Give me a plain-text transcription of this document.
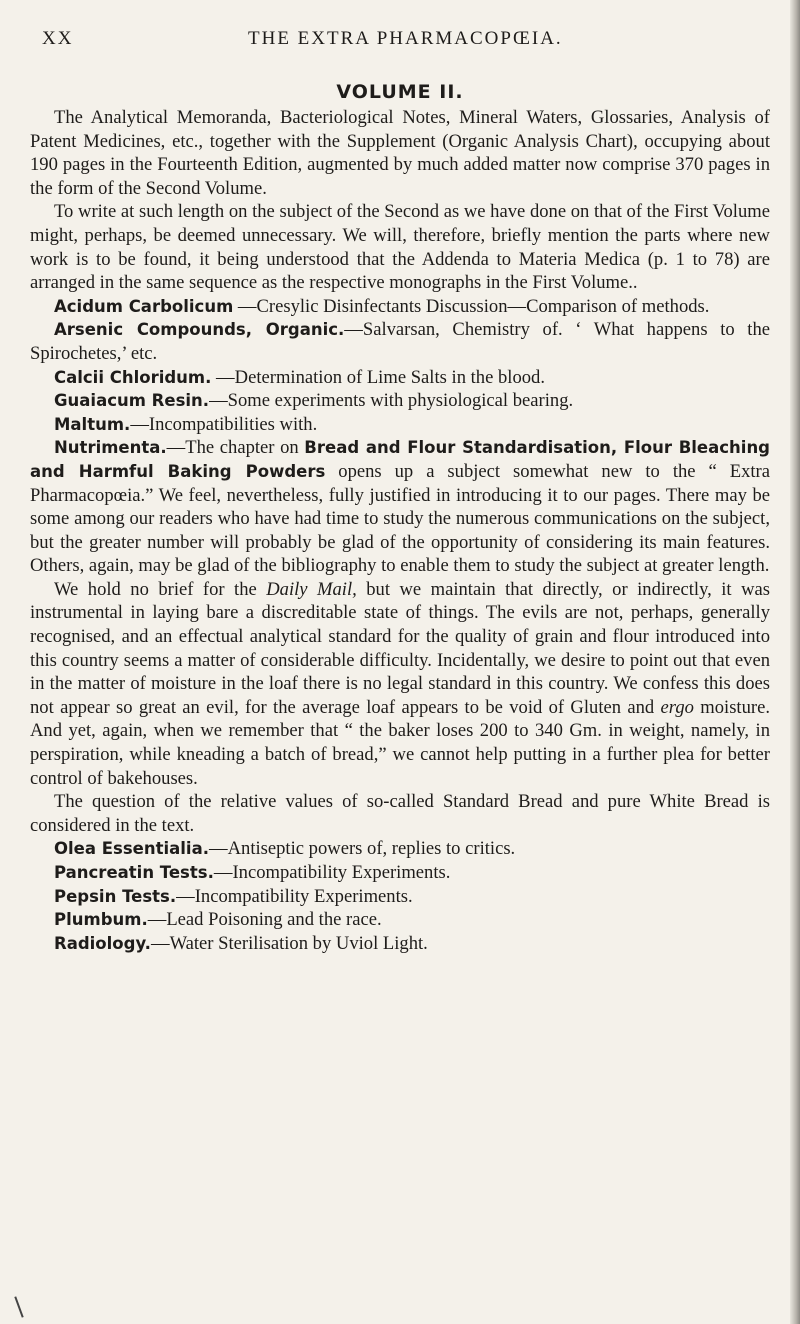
XX	THE EXTRA PHARMACOPŒIA.
VOLUME II.

The Analytical Memoranda, Bacteriological Notes, Mineral Waters, Glossaries, Analysis of Patent Medicines, etc., together with the Supplement (Organic Analysis Chart), occupying about 190 pages in the Fourteenth Edition, augmented by much added matter now comprise 370 pages in the form of the Second Volume.

To write at such length on the subject of the Second as we have done on that of the First Volume might, perhaps, be deemed unnecessary. We will, therefore, briefly mention the parts where new work is to be found, it being understood that the Addenda to Materia Medica (p. 1 to 78) are arranged in the same sequence as the respective monographs in the First Volume..

Acidum Carbolicum —Cresylic Disinfectants Discussion—Comparison of methods.

Arsenic Compounds, Organic.—Salvarsan, Chemistry of. ‘ What happens to the Spirochetes,’ etc.

Calcii Chloridum. —Determination of Lime Salts in the blood.

Guaiacum Resin.—Some experiments with physiological bearing.

Maltum.—Incompatibilities with.

Nutrimenta.—The chapter on Bread and Flour Standardisation, Flour Bleaching and Harmful Baking Powders opens up a subject somewhat new to the “ Extra Pharmacopœia.” We feel, nevertheless, fully justified in introducing it to our pages. There may be some among our readers who have had time to study the numerous communications on the subject, but the greater number will probably be glad of the opportunity of considering its main features. Others, again, may be glad of the bibliography to enable them to study the subject at greater length.

We hold no brief for the Daily Mail, but we maintain that directly, or indirectly, it was instrumental in laying bare a discreditable state of things. The evils are not, perhaps, generally recognised, and an effectual analytical standard for the quality of grain and flour introduced into this country seems a matter of considerable difficulty. Incidentally, we desire to point out that even in the matter of moisture in the loaf there is no legal standard in this country. We confess this does not appear so great an evil, for the average loaf appears to be void of Gluten and ergo moisture. And yet, again, when we remember that “ the baker loses 200 to 340 Gm. in weight, namely, in perspiration, while kneading a batch of bread,” we cannot help putting in a further plea for better control of bakehouses.

The question of the relative values of so-called Standard Bread and pure White Bread is considered in the text.

Olea Essentialia.—Antiseptic powers of, replies to critics.

Pancreatin Tests.—Incompatibility Experiments.

Pepsin Tests.—Incompatibility Experiments.

Plumbum.—Lead Poisoning and the race.

Radiology.—Water Sterilisation by Uviol Light.
